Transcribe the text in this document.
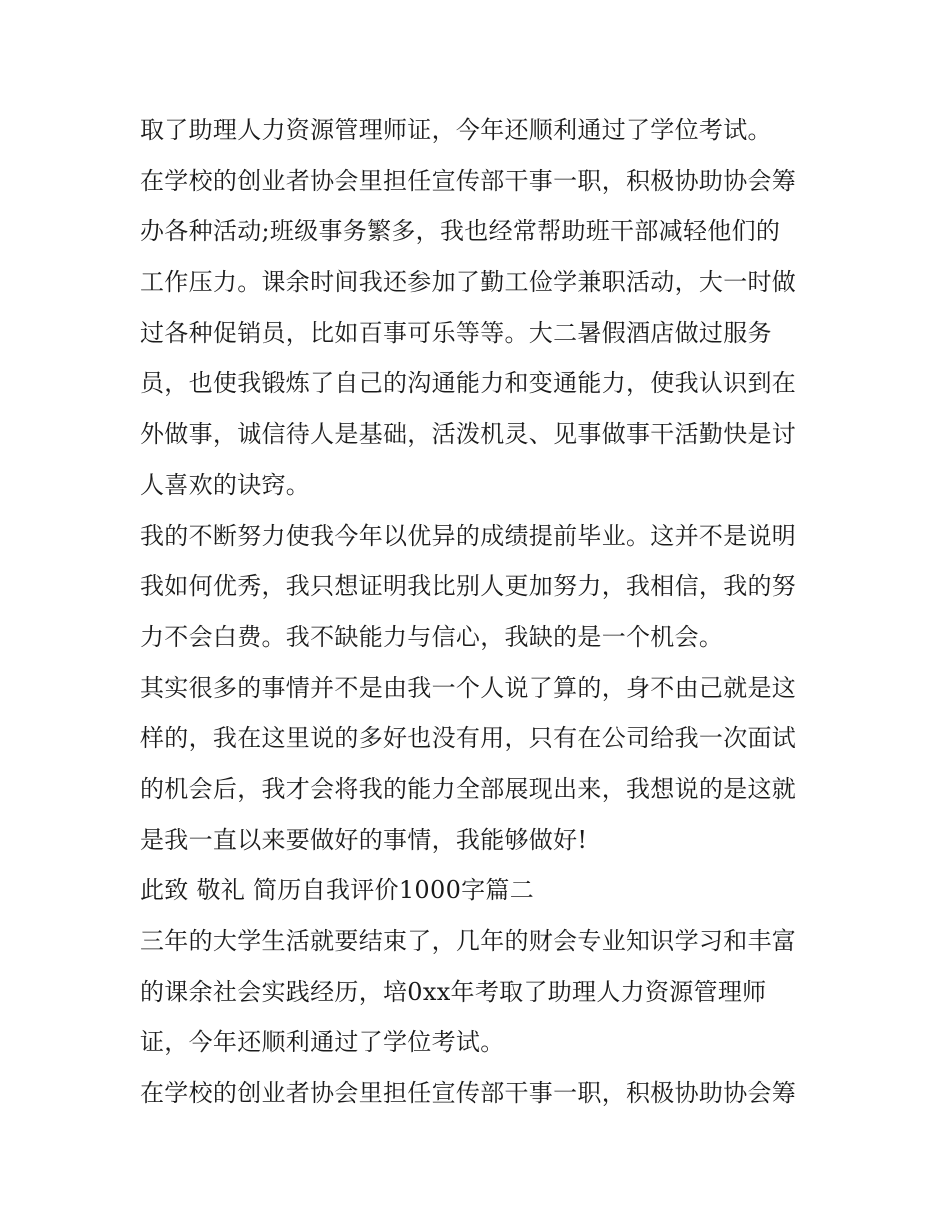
取了助理人力资源管理师证，今年还顺利通过了学位考试。
在学校的创业者协会里担任宣传部干事一职，积极协助协会筹
办各种活动;班级事务繁多，我也经常帮助班干部减轻他们的
工作压力。课余时间我还参加了勤工俭学兼职活动，大一时做
过各种促销员，比如百事可乐等等。大二暑假酒店做过服务
员，也使我锻炼了自己的沟通能力和变通能力，使我认识到在
外做事，诚信待人是基础，活泼机灵、见事做事干活勤快是讨
人喜欢的诀窍。
我的不断努力使我今年以优异的成绩提前毕业。这并不是说明
我如何优秀，我只想证明我比别人更加努力，我相信，我的努
力不会白费。我不缺能力与信心，我缺的是一个机会。
其实很多的事情并不是由我一个人说了算的，身不由己就是这
样的，我在这里说的多好也没有用，只有在公司给我一次面试
的机会后，我才会将我的能力全部展现出来，我想说的是这就
是我一直以来要做好的事情，我能够做好!
此致 敬礼 简历自我评价1000字篇二
三年的大学生活就要结束了，几年的财会专业知识学习和丰富
的课余社会实践经历，培0xx年考取了助理人力资源管理师
证，今年还顺利通过了学位考试。
在学校的创业者协会里担任宣传部干事一职，积极协助协会筹
